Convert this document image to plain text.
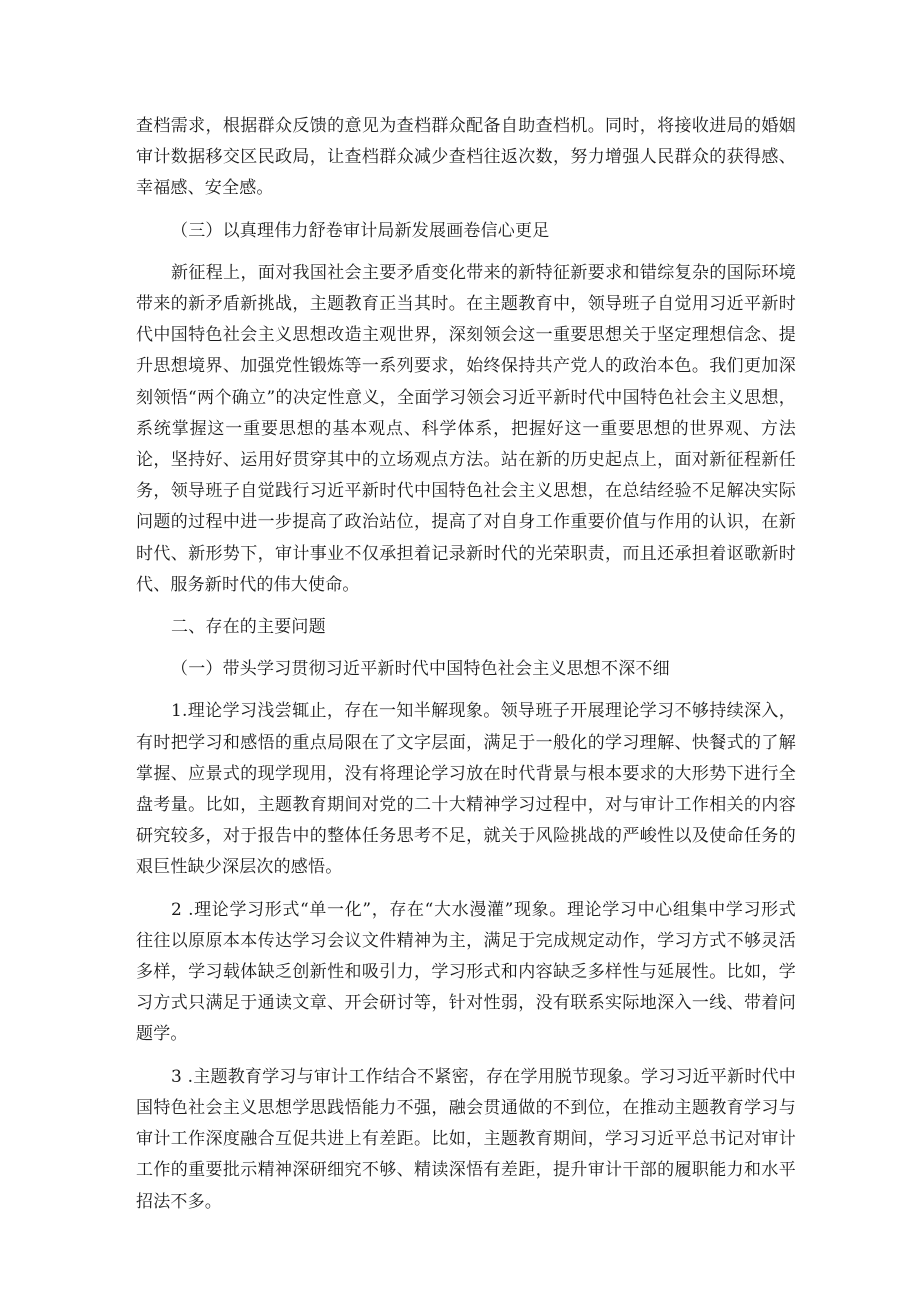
查档需求，根据群众反馈的意见为查档群众配备自助查档机。同时，将接收进局的婚姻审计数据移交区民政局，让查档群众减少查档往返次数，努力增强人民群众的获得感、幸福感、安全感。

（三）以真理伟力舒卷审计局新发展画卷信心更足

新征程上，面对我国社会主要矛盾变化带来的新特征新要求和错综复杂的国际环境带来的新矛盾新挑战，主题教育正当其时。在主题教育中，领导班子自觉用习近平新时代中国特色社会主义思想改造主观世界，深刻领会这一重要思想关于坚定理想信念、提升思想境界、加强党性锻炼等一系列要求，始终保持共产党人的政治本色。我们更加深刻领悟“两个确立”的决定性意义，全面学习领会习近平新时代中国特色社会主义思想，系统掌握这一重要思想的基本观点、科学体系，把握好这一重要思想的世界观、方法论，坚持好、运用好贯穿其中的立场观点方法。站在新的历史起点上，面对新征程新任务，领导班子自觉践行习近平新时代中国特色社会主义思想，在总结经验不足解决实际问题的过程中进一步提高了政治站位，提高了对自身工作重要价值与作用的认识，在新时代、新形势下，审计事业不仅承担着记录新时代的光荣职责，而且还承担着讴歌新时代、服务新时代的伟大使命。

二、存在的主要问题

（一）带头学习贯彻习近平新时代中国特色社会主义思想不深不细

1.理论学习浅尝辄止，存在一知半解现象。领导班子开展理论学习不够持续深入，有时把学习和感悟的重点局限在了文字层面，满足于一般化的学习理解、快餐式的了解掌握、应景式的现学现用，没有将理论学习放在时代背景与根本要求的大形势下进行全盘考量。比如，主题教育期间对党的二十大精神学习过程中，对与审计工作相关的内容研究较多，对于报告中的整体任务思考不足，就关于风险挑战的严峻性以及使命任务的艰巨性缺少深层次的感悟。

2 .理论学习形式“单一化”，存在“大水漫灌”现象。理论学习中心组集中学习形式往往以原原本本传达学习会议文件精神为主，满足于完成规定动作，学习方式不够灵活多样，学习载体缺乏创新性和吸引力，学习形式和内容缺乏多样性与延展性。比如，学习方式只满足于通读文章、开会研讨等，针对性弱，没有联系实际地深入一线、带着问题学。

3 .主题教育学习与审计工作结合不紧密，存在学用脱节现象。学习习近平新时代中国特色社会主义思想学思践悟能力不强，融会贯通做的不到位，在推动主题教育学习与审计工作深度融合互促共进上有差距。比如，主题教育期间，学习习近平总书记对审计工作的重要批示精神深研细究不够、精读深悟有差距，提升审计干部的履职能力和水平招法不多。
